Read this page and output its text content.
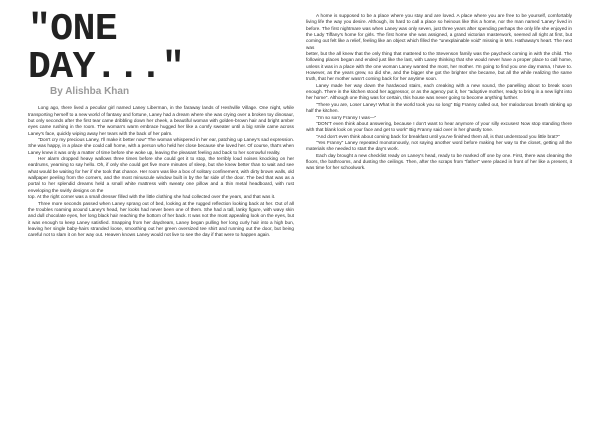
"ONE DAY..."
By Alishba Khan

Long ago, there lived a peculiar girl named Laney Liberman, in the faraway lands of Heshville Village. One night, while transporting herself to a new world of fantasy and fortune, Laney had a dream where she was crying over a broken toy dinosaur, but only seconds after the first tear came dribbling down her cheek, a beautiful woman with golden-brown hair and bright amber eyes came rushing in the room. The woman's warm embrace hugged her like a comfy sweater until a big smile came across Laney's face, quickly wiping away her tears with the back of her palm.

"Don't cry my precious Laney, I'll make it better now" The woman whispered in her ear, patching up Laney's sad expression. She was happy, in a place she could call home, with a person who held her close because she loved her. Of course, that's when Laney knew it was only a matter of time before she woke up, leaving the pleasant feeling and back to her sorrowful reality.

Her alarm dropped heavy wallows three times before she could get it to stop, the terribly loud noises knocking on her eardrums, yearning to say hello. Oh, if only she could get five more minutes of sleep, but she knew better than to wait and see what would be waiting for her if she took that chance. Her room was like a box of solitary confinement, with dirty brown walls, old wallpaper peeling from the corners, and the most minuscule window built in by the far side of the door. The bed that was as a portal to her splendid dreams held a small white mattress with sweaty one pillow and a thin metal headboard, with rust enveloping the swirly designs on the

top. At the right corner was a small dresser filled with the little clothing she had collected over the years, and that was it.

Three more seconds passed when Laney sprang out of bed, looking at the rugged reflection looking back at her. Out of all the troubles roaming around Laney's head, her looks had never been one of them. She had a tall, lanky figure, with wavy skin and dull chocolate eyes, her long black hair reaching the bottom of her back. It was not the most appealing look on the eyes, but it was enough to keep Laney satisfied. Snapping from her daydream, Laney began pulling her long curly hair into a high bun, leaving her single baby-hairs stranded loose, smoothing out her green oversized tee shirt and running out the door, but being careful not to slam it on her way out. Heaven knows Laney would not live to see the day if that were to happen again.

A home is supposed to be a place where you stay and are loved. A place where you are free to be yourself, comfortably living life the way you desire. Although, its hard to call a place so heinous like this a home, nor the man named 'Laney' lived in before. The first nightmare was when Laney was only seven, just three years after spending perhaps the only life she enjoyed in the Lady Tiffany's home for girls. The first home she was assigned, a grand victorian masterwork, seemed all right at first, but coming out felt like a relief, feeling like an object which filled the "unexplainable void" missing in Mrs. Hathaway's heart. The next was

better, but the all knew that the only thing that mattered to the Stevenson family was the paycheck coming in with the child. The following places began and ended just like the last, with Laney thinking that she would never have a proper place to call home, unless it was in a place with the one woman Laney wanted the most, her mother. I'm going to find you one day mama, I have to. However, as the years grew, so did she, and the bigger she got the brighter she became, but all the while realizing the same truth, that her mother wasn't coming back for her anytime soon.

Laney made her way down the hardwood stairs, each creaking with a new sound, the panelling about to break soon enough. There in the kitchen stood her aggressor, or as the agency put it, her "adoptive mother, ready to bring in a new light into her home". Although one thing was for certain, this house was never going to become anything further.

"There you are, Loser Laney! What in the world took you so long" Big Franny called out, her malodorous breath stinking up half the kitchen.

"I'm so sorry Franny I was—"

"DON'T even think about answering, because I don't want to hear anymore of your silly excuses! Now stop standing there with that blank look on your face and get to work" Big Franny said over in her ghastly tone.

"And don't even think about coming back for breakfast until you've finished them all, is that understood you little brat?"

"Yes Franny" Laney repeated monotonously, not saying another word before making her way to the closet, getting all the materials she needed to start the day's work.

Each day brought a new checklist ready on Laney's head, ready to be marked off one by one. First, there was cleaning the floors, the bathrooms, and dusting the ceilings. Then, after the scraps from "father" were placed in front of her like a present, it was time for her schoolwork.
